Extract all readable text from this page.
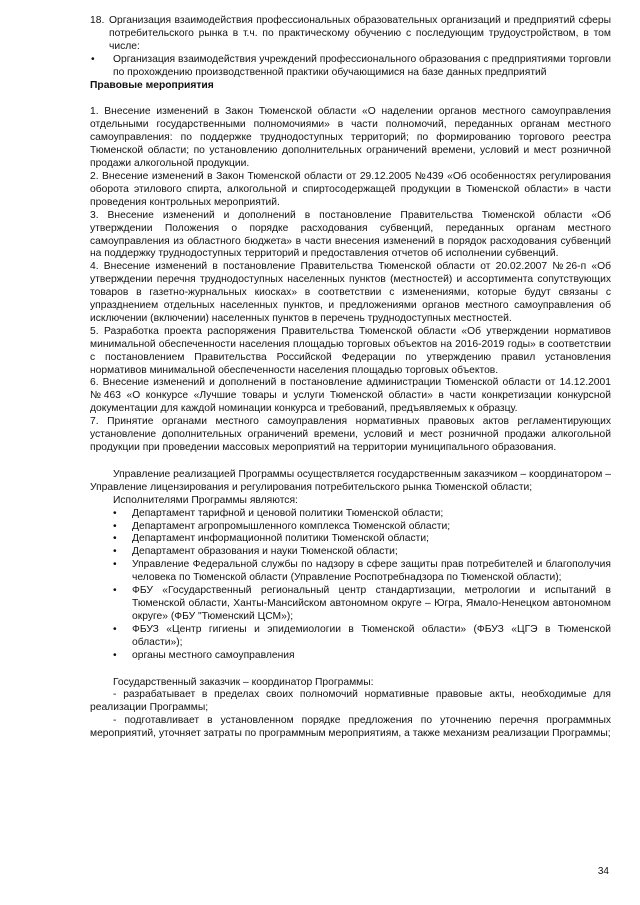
18. Организация взаимодействия профессиональных образовательных организаций и предприятий сферы потребительского рынка в т.ч. по практическому обучению с последующим трудоустройством, в том числе:

• Организация взаимодействия учреждений профессионального образования с предприятиями торговли по прохождению производственной практики обучающимися на базе данных предприятий

Правовые мероприятия

1. Внесение изменений в Закон Тюменской области «О наделении органов местного самоуправления отдельными государственными полномочиями» в части полномочий, переданных органам местного самоуправления: по поддержке труднодоступных территорий; по формированию торгового реестра Тюменской области; по установлению дополнительных ограничений времени, условий и мест розничной продажи алкогольной продукции.

2. Внесение изменений в Закон Тюменской области от 29.12.2005 №439 «Об особенностях регулирования оборота этилового спирта, алкогольной и спиртосодержащей продукции в Тюменской области» в части проведения контрольных мероприятий.

3. Внесение изменений и дополнений в постановление Правительства Тюменской области «Об утверждении Положения о порядке расходования субвенций, переданных органам местного самоуправления из областного бюджета» в части внесения изменений в порядок расходования субвенций на поддержку труднодоступных территорий и предоставления отчетов об исполнении субвенций.

4. Внесение изменений в постановление Правительства Тюменской области от 20.02.2007 №26-п «Об утверждении перечня труднодоступных населенных пунктов (местностей) и ассортимента сопутствующих товаров в газетно-журнальных киосках» в соответствии с изменениями, которые будут связаны с упразднением отдельных населенных пунктов, и предложениями органов местного самоуправления об исключении (включении) населенных пунктов в перечень труднодоступных местностей.

5. Разработка проекта распоряжения Правительства Тюменской области «Об утверждении нормативов минимальной обеспеченности населения площадью торговых объектов на 2016-2019 годы» в соответствии с постановлением Правительства Российской Федерации по утверждению правил установления нормативов минимальной обеспеченности населения площадью торговых объектов.

6. Внесение изменений и дополнений в постановление администрации Тюменской области от 14.12.2001 №463 «О конкурсе «Лучшие товары и услуги Тюменской области» в части конкретизации конкурсной документации для каждой номинации конкурса и требований, предъявляемых к образцу.

7. Принятие органами местного самоуправления нормативных правовых актов регламентирующих установление дополнительных ограничений времени, условий и мест розничной продажи алкогольной продукции при проведении массовых мероприятий на территории муниципального образования.

Управление реализацией Программы осуществляется государственным заказчиком – координатором – Управление лицензирования и регулирования потребительского рынка Тюменской области;

Исполнителями Программы являются:

• Департамент тарифной и ценовой политики Тюменской области;
• Департамент агропромышленного комплекса Тюменской области;
• Департамент информационной политики Тюменской области;
• Департамент образования и науки Тюменской области;
• Управление Федеральной службы по надзору в сфере защиты прав потребителей и благополучия человека по Тюменской области (Управление Роспотребнадзора по Тюменской области);
• ФБУ «Государственный региональный центр стандартизации, метрологии и испытаний в Тюменской области, Ханты-Мансийском автономном округе – Югра, Ямало-Ненецком автономном округе» (ФБУ "Тюменский ЦСМ»);
• ФБУЗ «Центр гигиены и эпидемиологии в Тюменской области» (ФБУЗ «ЦГЭ в Тюменской области»);
• органы местного самоуправления

Государственный заказчик – координатор Программы:

- разрабатывает в пределах своих полномочий нормативные правовые акты, необходимые для реализации Программы;

- подготавливает в установленном порядке предложения по уточнению перечня программных мероприятий, уточняет затраты по программным мероприятиям, а также механизм реализации Программы;

34
